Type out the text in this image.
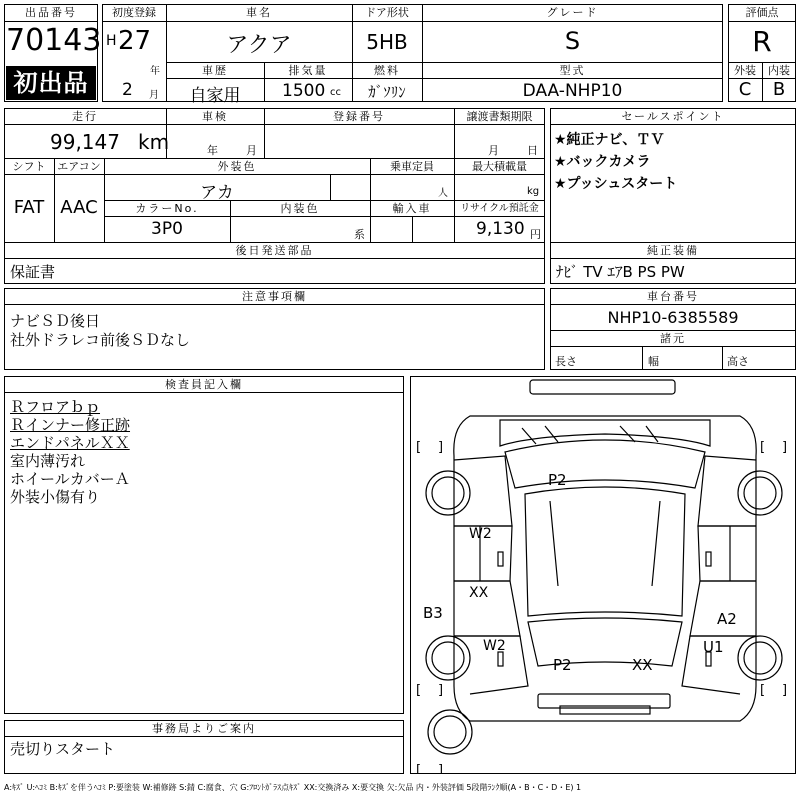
出品番号
70143
初出品
初度登録
H 27
年
2 月
車名
アクア
ドア形状
5HB
グレード
S
車歴
自家用
排気量
1500 cc
燃料
ｶﾞｿﾘﾝ
型式
DAA-NHP10
評価点
R
外装	内装
C	B
走行
99,147 km
車検
年	月
登録番号	譲渡書類期限
月	日
シフト
FAT
エアコン
AAC
外装色
アカ
乗車定員
人
最大積載量
kg
カラーNo.
3P0
内装色
系
輸入車	リサイクル預託金
9,130 円
後日発送部品
保証書
セールスポイント
★純正ナビ、ＴＶ
★バックカメラ
★プッシュスタート
純正装備
ﾅﾋﾞ TV ｴｱB PS PW
注意事項欄
ナビＳＤ後日
社外ドラレコ前後ＳＤなし
車台番号
NHP10-6385589
諸元
長さ	幅	高さ
検査員記入欄
Ｒフロアｂｐ
Ｒインナー修正跡
エンドパネルＸＸ
室内薄汚れ
ホイールカバーＡ
外装小傷有り
[ ]	[ ]
[ ]	[ ]
[ ]
P2
W2
XX
B3
W2
P2	XX
A2
U1
事務局よりご案内
売切りスタート
A:ｷｽﾞ U:ﾍｺﾐ B:ｷｽﾞを伴うﾍｺﾐ P:要塗装 W:補修跡 S:錆 C:腐食、穴 G:ﾌﾛﾝﾄｶﾞﾗｽ点ｷｽﾞ XX:交換済み X:要交換 欠:欠品 内・外装評価 5段階ﾗﾝｸ順(A・B・C・D・E) 1
